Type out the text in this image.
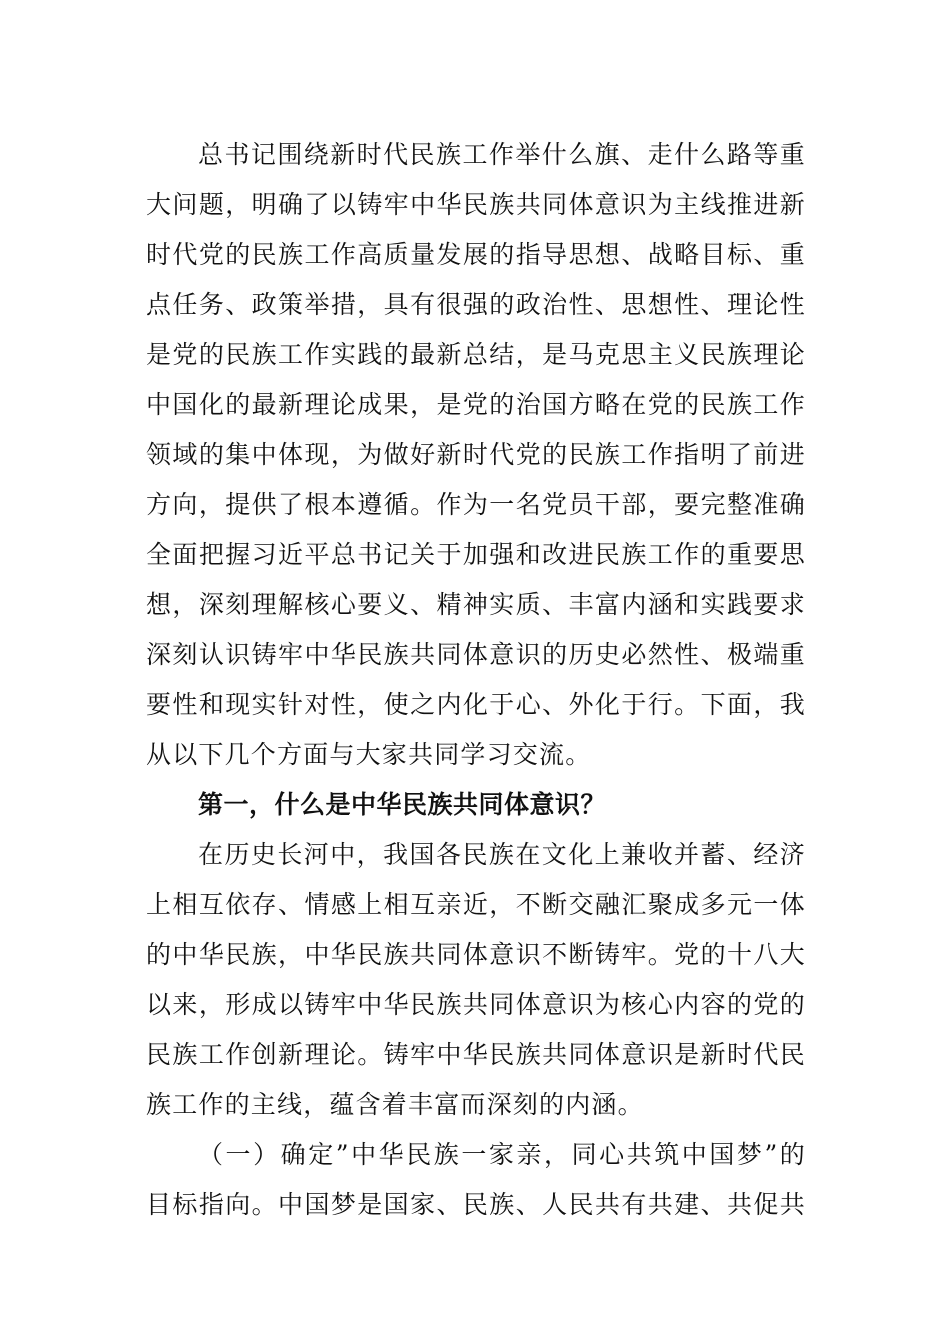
总书记围绕新时代民族工作举什么旗、走什么路等重
大问题，明确了以铸牢中华民族共同体意识为主线推进新
时代党的民族工作高质量发展的指导思想、战略目标、重
点任务、政策举措，具有很强的政治性、思想性、理论性
是党的民族工作实践的最新总结，是马克思主义民族理论
中国化的最新理论成果，是党的治国方略在党的民族工作
领域的集中体现，为做好新时代党的民族工作指明了前进
方向，提供了根本遵循。作为一名党员干部，要完整准确
全面把握习近平总书记关于加强和改进民族工作的重要思
想，深刻理解核心要义、精神实质、丰富内涵和实践要求
深刻认识铸牢中华民族共同体意识的历史必然性、极端重
要性和现实针对性，使之内化于心、外化于行。下面，我
从以下几个方面与大家共同学习交流。
第一，什么是中华民族共同体意识？
在历史长河中，我国各民族在文化上兼收并蓄、经济
上相互依存、情感上相互亲近，不断交融汇聚成多元一体
的中华民族，中华民族共同体意识不断铸牢。党的十八大
以来，形成以铸牢中华民族共同体意识为核心内容的党的
民族工作创新理论。铸牢中华民族共同体意识是新时代民
族工作的主线，蕴含着丰富而深刻的内涵。
（一）确定”中华民族一家亲，同心共筑中国梦”的
目标指向。中国梦是国家、民族、人民共有共建、共促共
